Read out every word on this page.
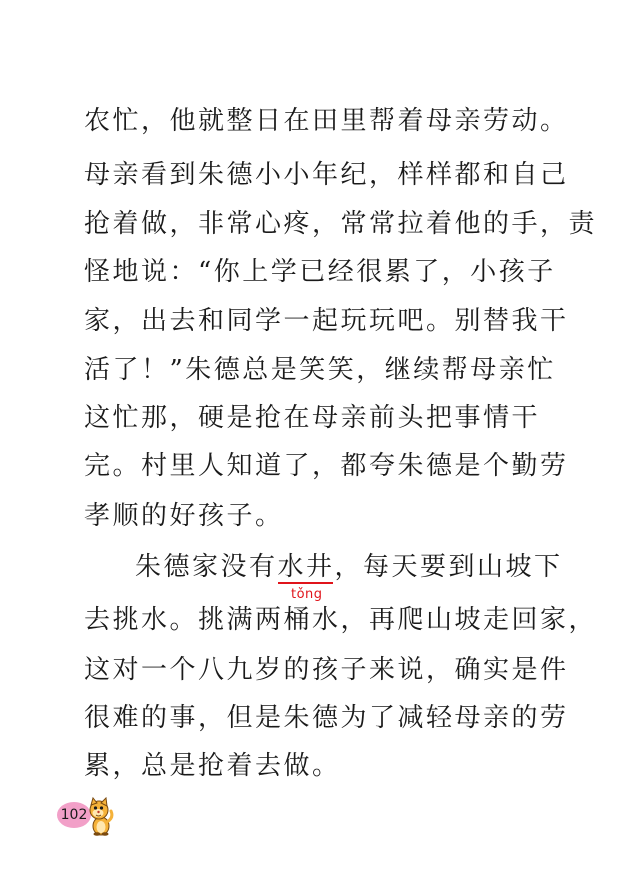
农忙，他就整日在田里帮着母亲劳动。
母亲看到朱德小小年纪，样样都和自己
抢着做，非常心疼，常常拉着他的手，责
怪地说：“你上学已经很累了，小孩子
家，出去和同学一起玩玩吧。别替我干
活了！”朱德总是笑笑，继续帮母亲忙
这忙那，硬是抢在母亲前头把事情干
完。村里人知道了，都夸朱德是个勤劳
孝顺的好孩子。
朱德家没有水井
，每天要到山坡下
tǒng
去挑水。挑满两桶水，再爬山坡走回家，
这对一个八九岁的孩子来说，确实是件
很难的事，但是朱德为了减轻母亲的劳
累，总是抢着去做。
102
